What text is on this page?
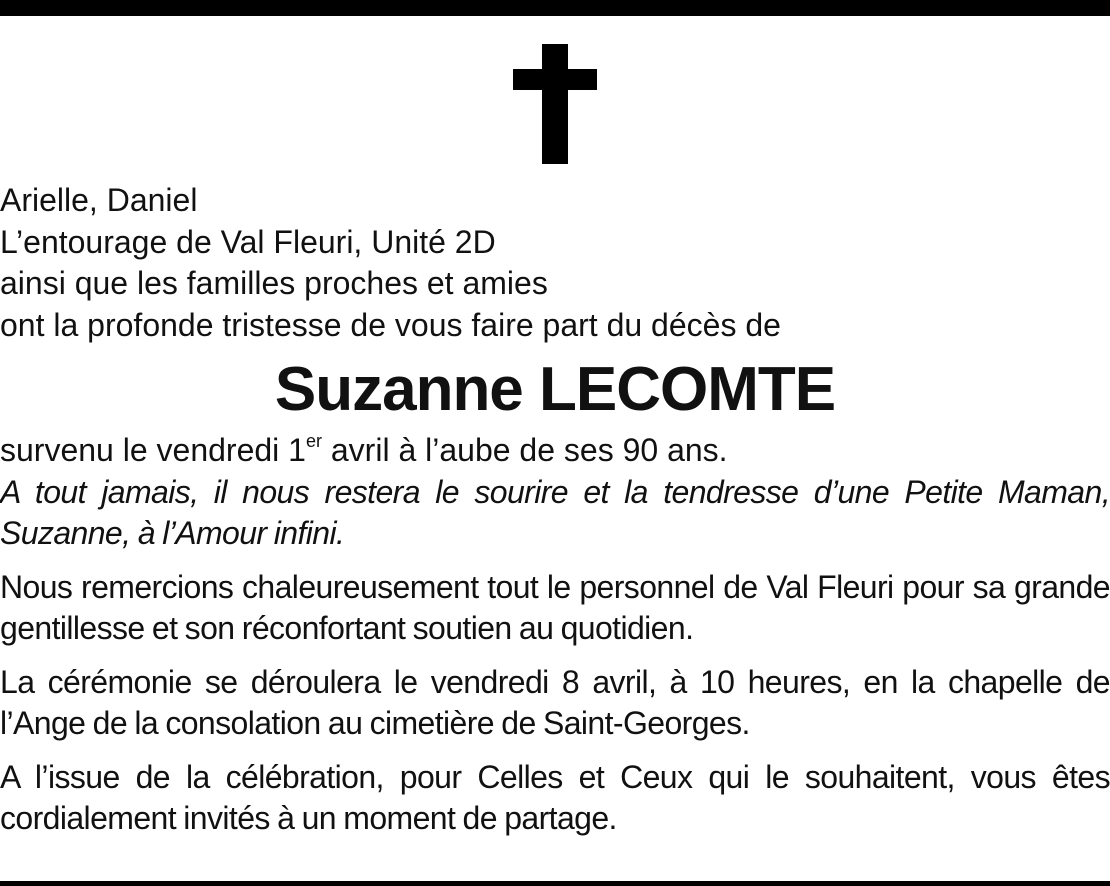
Arielle, Daniel
L’entourage de Val Fleuri, Unité 2D
ainsi que les familles proches et amies
ont la profonde tristesse de vous faire part du décès de
Suzanne LECOMTE
survenu le vendredi 1er avril à l’aube de ses 90 ans.

A tout jamais, il nous restera le sourire et la tendresse d’une Petite Maman, Suzanne, à l’Amour infini.

Nous remercions chaleureusement tout le personnel de Val Fleuri pour sa grande gentillesse et son réconfortant soutien au quotidien.

La cérémonie se déroulera le vendredi 8 avril, à 10 heures, en la chapelle de l’Ange de la consolation au cimetière de Saint-Georges.

A l’issue de la célébration, pour Celles et Ceux qui le souhaitent, vous êtes cordialement invités à un moment de partage.
